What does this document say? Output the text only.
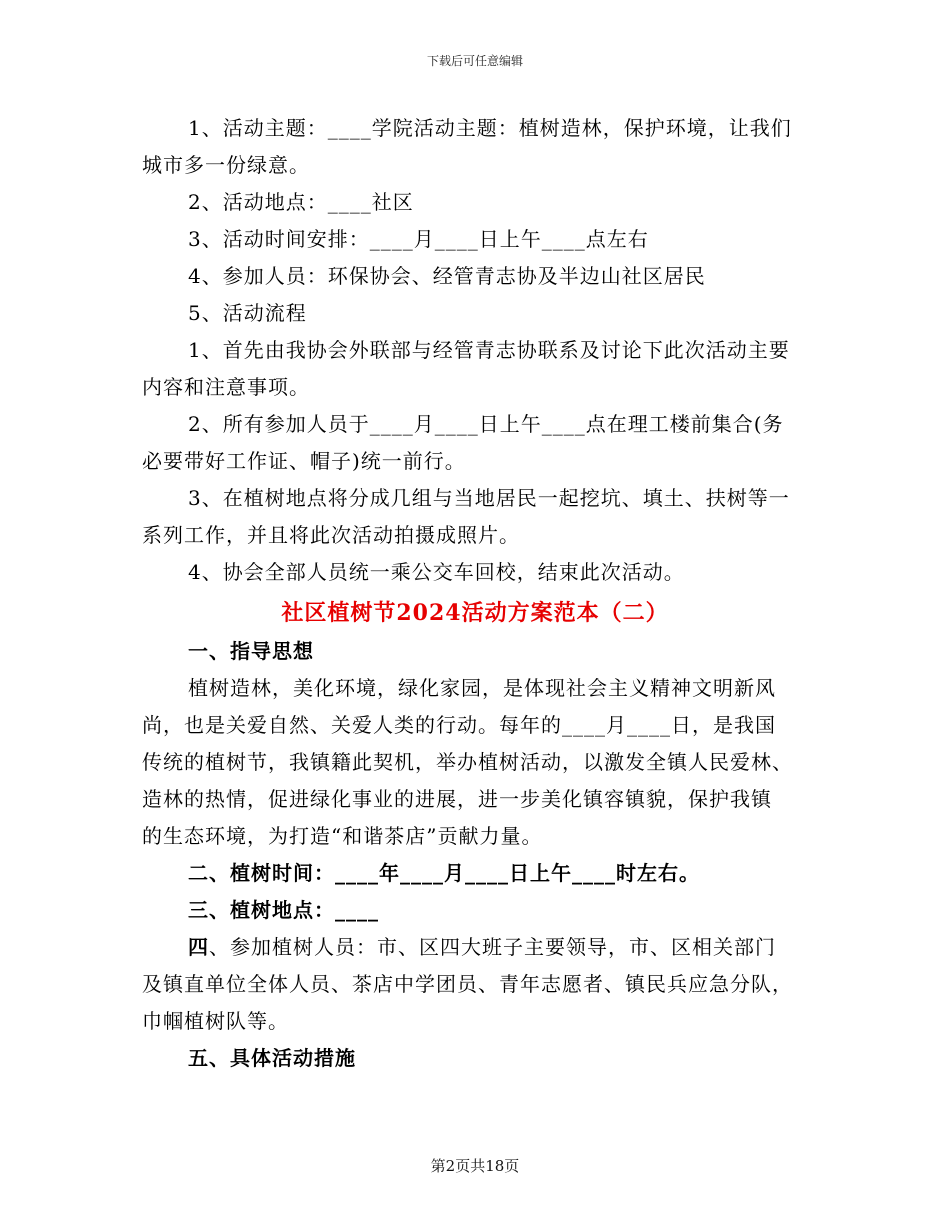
下载后可任意编辑
1、活动主题：____学院活动主题：植树造林，保护环境，让我们
城市多一份绿意。
2、活动地点：____社区
3、活动时间安排：____月____日上午____点左右
4、参加人员：环保协会、经管青志协及半边山社区居民
5、活动流程
1、首先由我协会外联部与经管青志协联系及讨论下此次活动主要
内容和注意事项。
2、所有参加人员于____月____日上午____点在理工楼前集合(务
必要带好工作证、帽子)统一前行。
3、在植树地点将分成几组与当地居民一起挖坑、填土、扶树等一
系列工作，并且将此次活动拍摄成照片。
4、协会全部人员统一乘公交车回校，结束此次活动。
社区植树节2024活动方案范本（二）
一、指导思想
植树造林，美化环境，绿化家园，是体现社会主义精神文明新风
尚，也是关爱自然、关爱人类的行动。每年的____月____日，是我国
传统的植树节，我镇籍此契机，举办植树活动，以激发全镇人民爱林、
造林的热情，促进绿化事业的进展，进一步美化镇容镇貌，保护我镇
的生态环境，为打造“和谐茶店”贡献力量。
二、植树时间：____年____月____日上午____时左右。
三、植树地点：____
四、参加植树人员：市、区四大班子主要领导，市、区相关部门
及镇直单位全体人员、茶店中学团员、青年志愿者、镇民兵应急分队，
巾帼植树队等。
五、具体活动措施
第2页共18页
